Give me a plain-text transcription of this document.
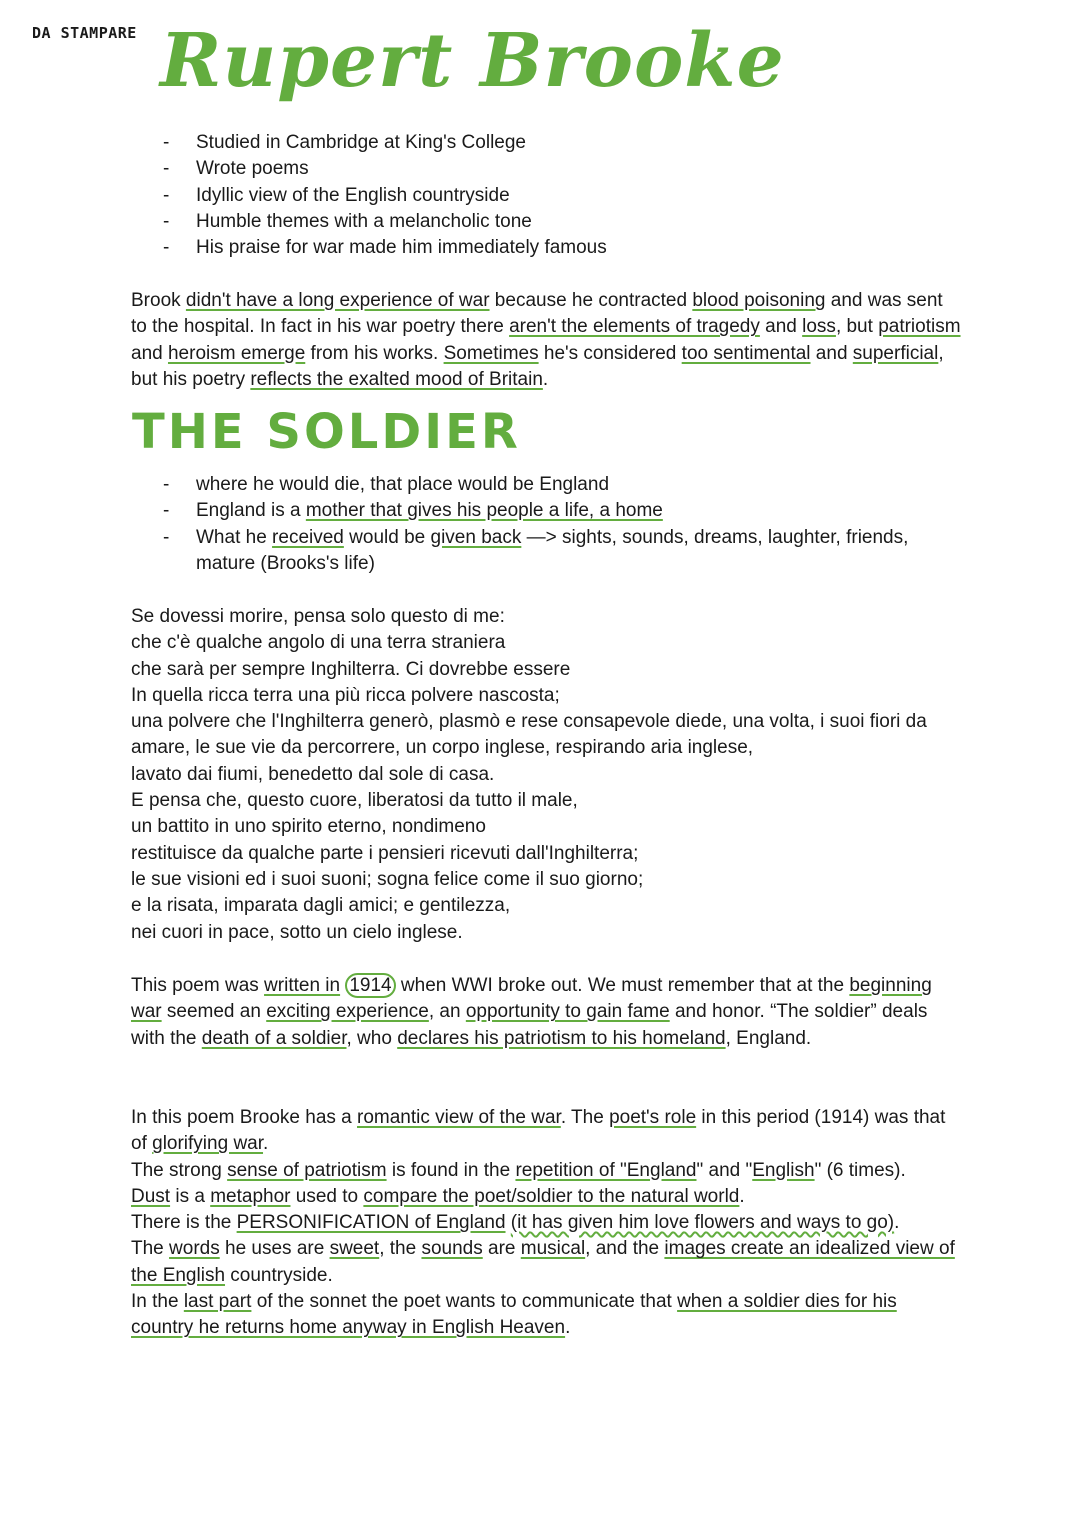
DA STAMPARE Rupert Brooke
- Studied in Cambridge at King's College
- Wrote poems
- Idyllic view of the English countryside
- Humble themes with a melancholic tone
- His praise for war made him immediately famous

Brook didn't have a long experience of war because he contracted blood poisoning and was sent to the hospital. In fact in his war poetry there aren't the elements of tragedy and loss, but patriotism and heroism emerge from his works. Sometimes he's considered too sentimental and superficial, but his poetry reflects the exalted mood of Britain.

THE SOLDIER
- where he would die, that place would be England
- England is a mother that gives his people a life, a home
- What he received would be given back —> sights, sounds, dreams, laughter, friends, mature (Brooks's life)
Se dovessi morire, pensa solo questo di me:
che c'è qualche angolo di una terra straniera
che sarà per sempre Inghilterra. Ci dovrebbe essere
In quella ricca terra una più ricca polvere nascosta;
una polvere che l'Inghilterra generò, plasmò e rese consapevole diede, una volta, i suoi fiori da amare, le sue vie da percorrere, un corpo inglese, respirando aria inglese,
lavato dai fiumi, benedetto dal sole di casa.
E pensa che, questo cuore, liberatosi da tutto il male,
un battito in uno spirito eterno, nondimeno
restituisce da qualche parte i pensieri ricevuti dall'Inghilterra;
le sue visioni ed i suoi suoni; sogna felice come il suo giorno;
e la risata, imparata dagli amici; e gentilezza,
nei cuori in pace, sotto un cielo inglese.

This poem was written in 1914 when WWI broke out. We must remember that at the beginning war seemed an exciting experience, an opportunity to gain fame and honor. “The soldier” deals with the death of a soldier, who declares his patriotism to his homeland, England.

In this poem Brooke has a romantic view of the war. The poet's role in this period (1914) was that of glorifying war.
The strong sense of patriotism is found in the repetition of "England" and "English" (6 times).
Dust is a metaphor used to compare the poet/soldier to the natural world.
There is the PERSONIFICATION of England (it has given him love flowers and ways to go).
The words he uses are sweet, the sounds are musical, and the images create an idealized view of the English countryside.
In the last part of the sonnet the poet wants to communicate that when a soldier dies for his country he returns home anyway in English Heaven.
